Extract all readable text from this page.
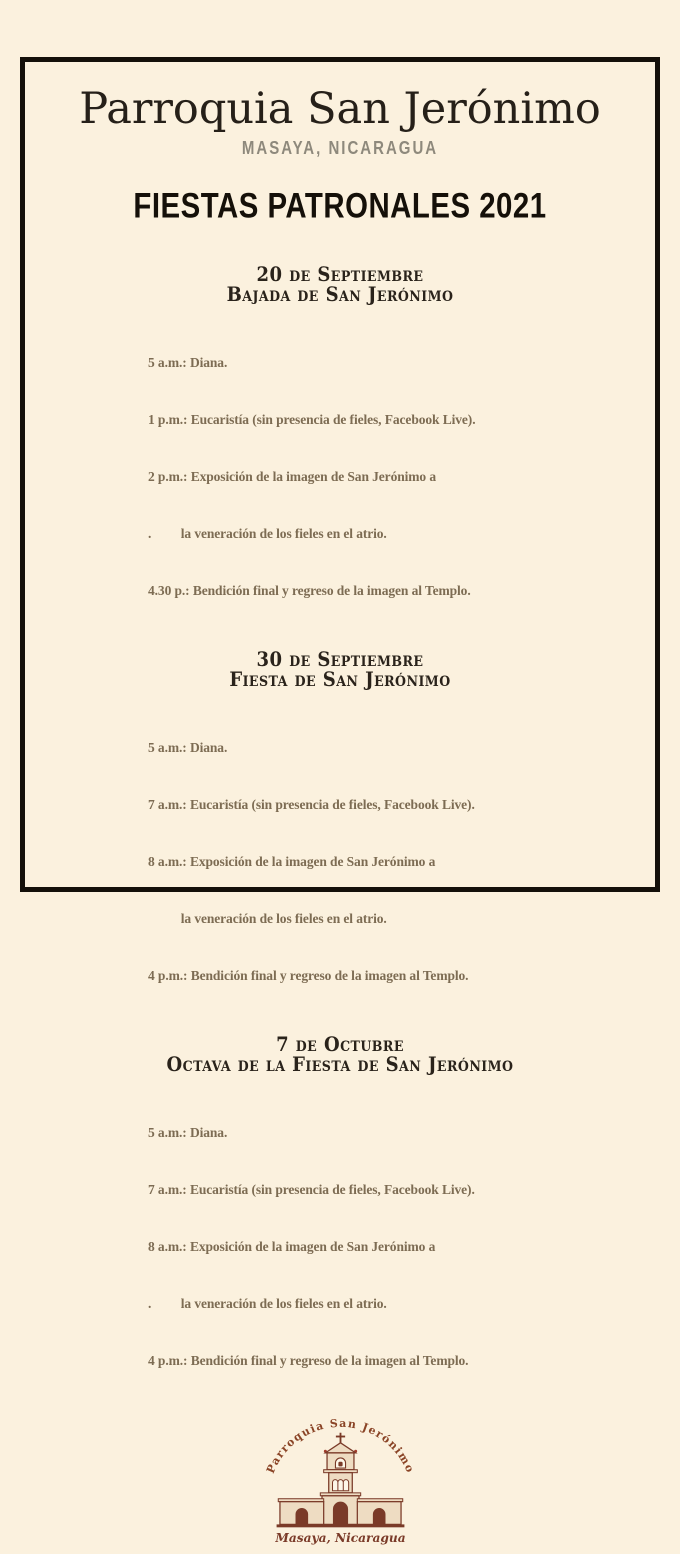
Parroquia San Jerónimo
MASAYA, NICARAGUA
FIESTAS PATRONALES 2021
20 de Septiembre
Bajada de San Jerónimo

5 a.m.: Diana.

1 p.m.: Eucaristía (sin presencia de fieles, Facebook Live).

2 p.m.: Exposición de la imagen de San Jerónimo a

.         la veneración de los fieles en el atrio.

4.30 p.: Bendición final y regreso de la imagen al Templo.

30 de Septiembre
Fiesta de San Jerónimo

5 a.m.: Diana.

7 a.m.: Eucaristía (sin presencia de fieles, Facebook Live).

8 a.m.: Exposición de la imagen de San Jerónimo a

la veneración de los fieles en el atrio.

4 p.m.: Bendición final y regreso de la imagen al Templo.

7 de Octubre
Octava de la Fiesta de San Jerónimo

5 a.m.: Diana.

7 a.m.: Eucaristía (sin presencia de fieles, Facebook Live).

8 a.m.: Exposición de la imagen de San Jerónimo a

.         la veneración de los fieles en el atrio.

4 p.m.: Bendición final y regreso de la imagen al Templo.

Parroquia San Jerónimo
Masaya, Nicaragua
